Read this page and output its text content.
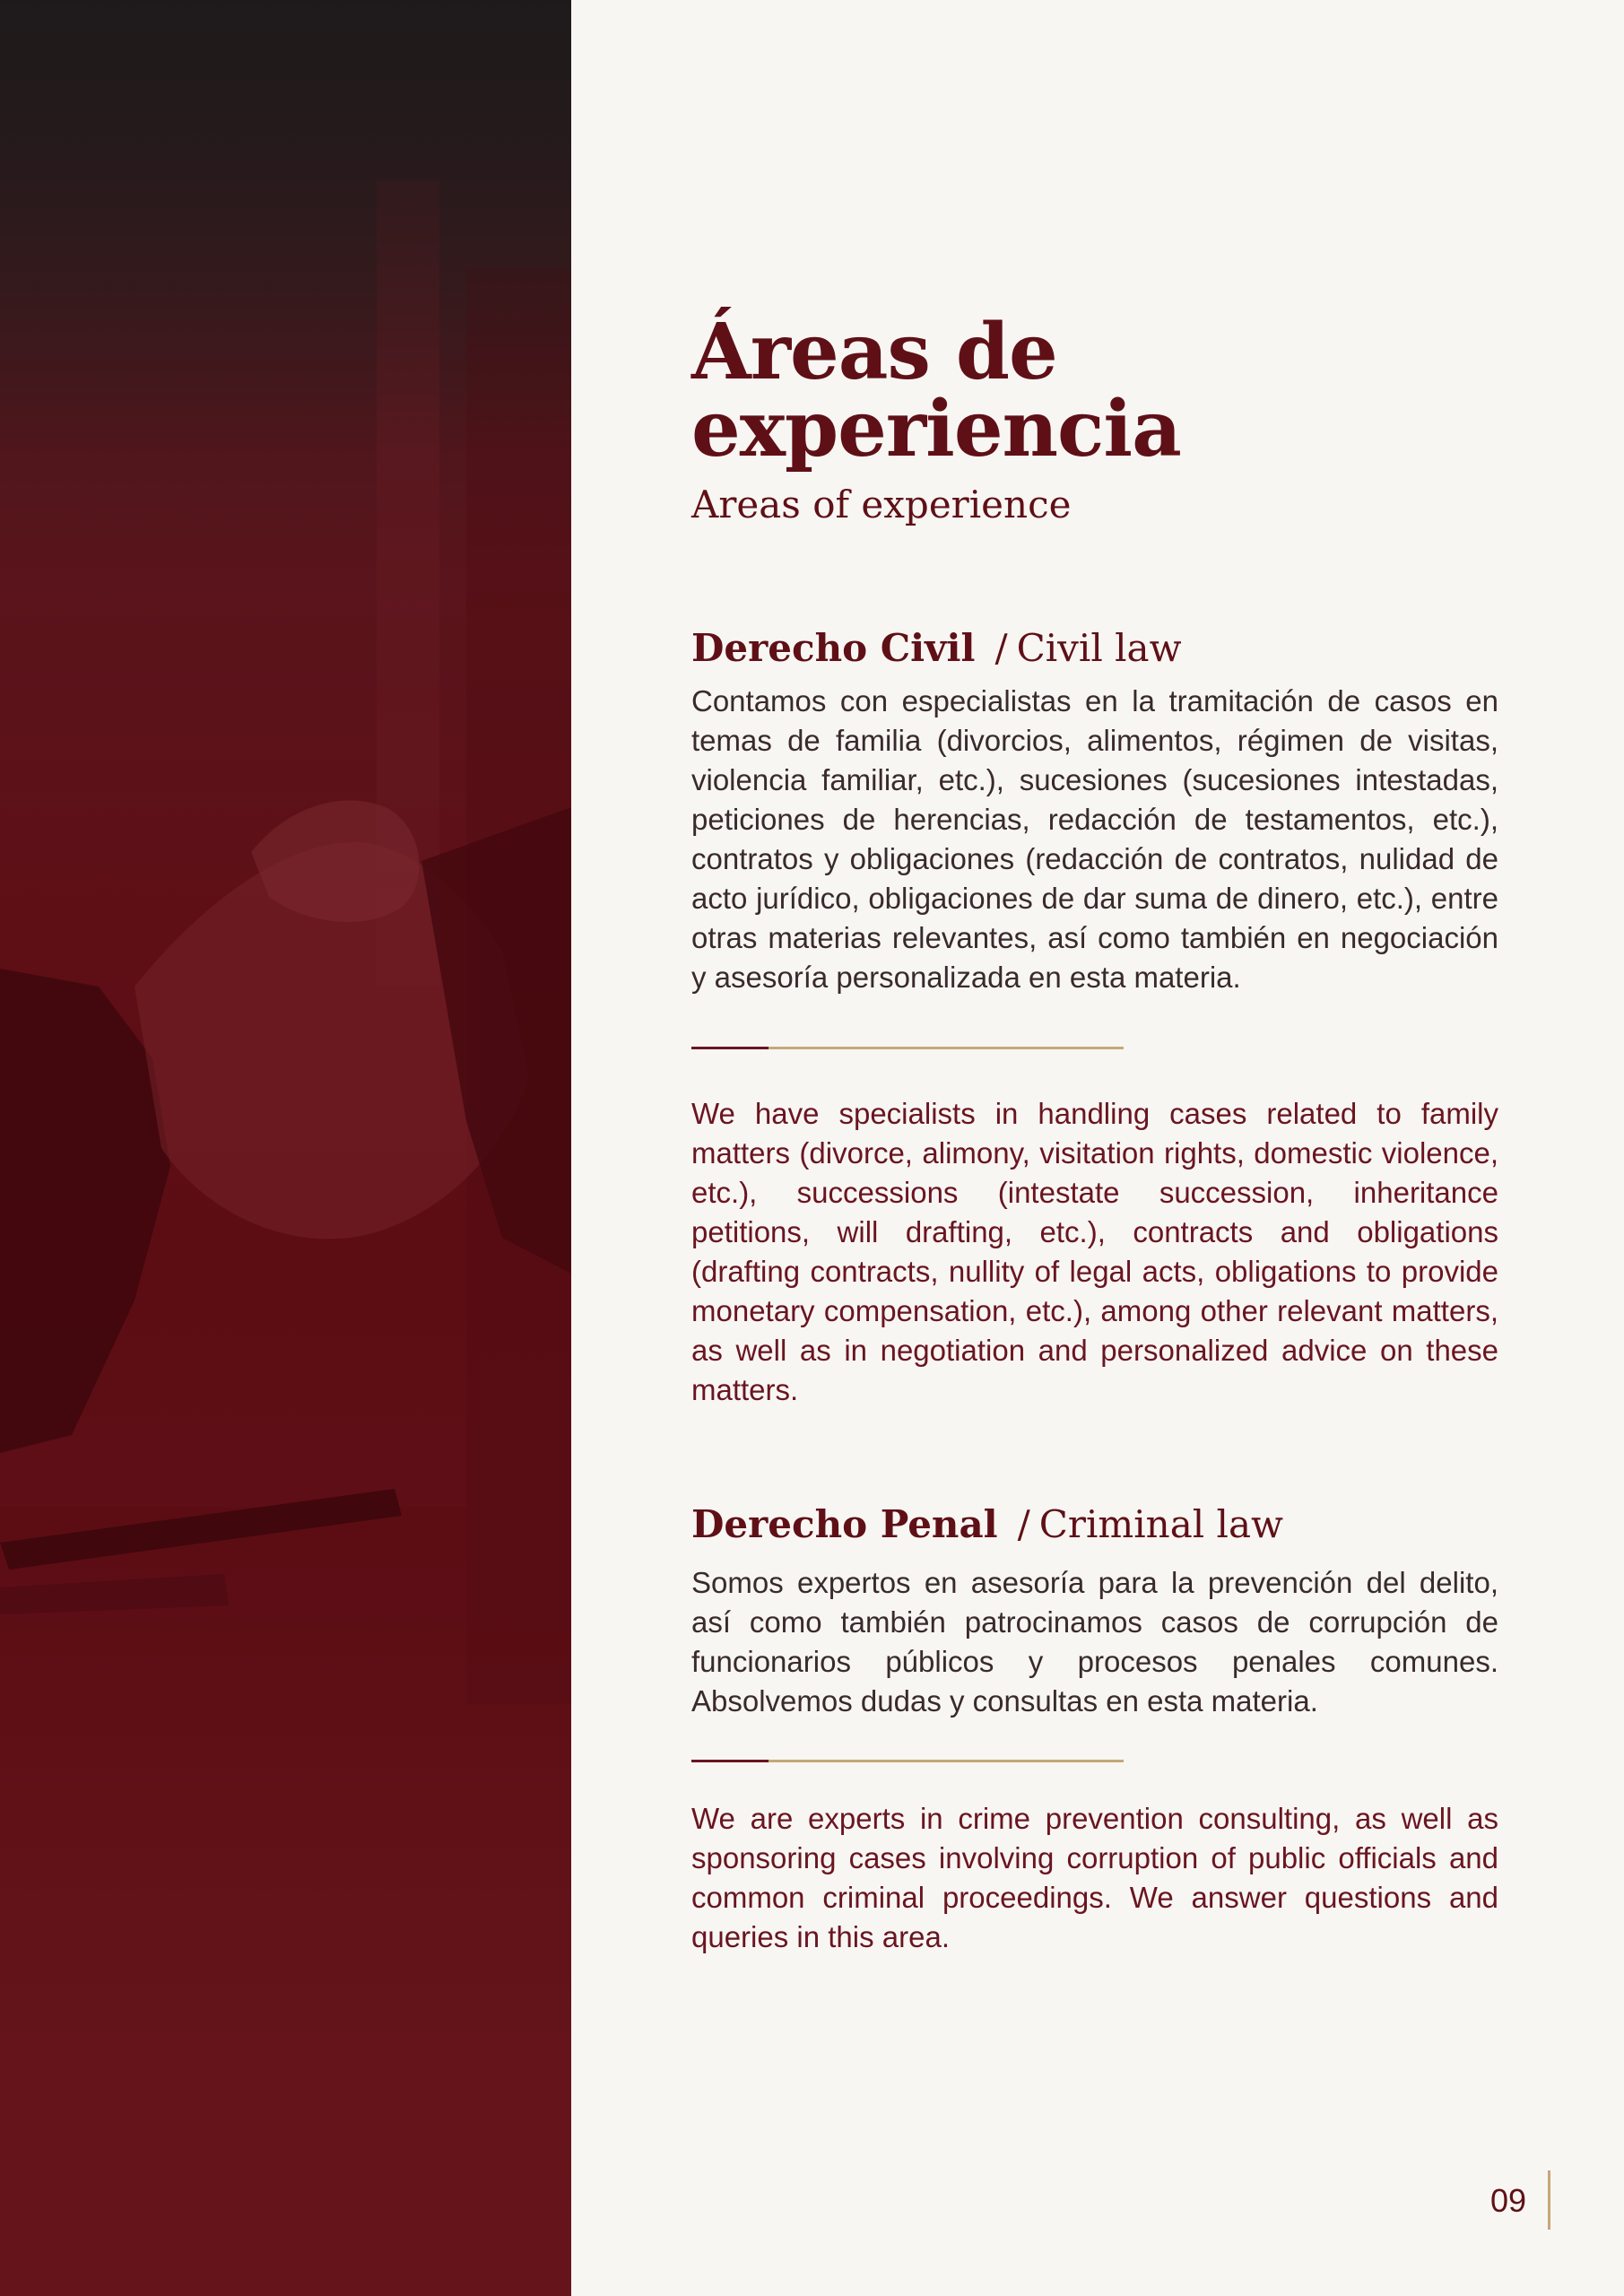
Áreas de
experiencia
Areas of experience
Derecho Civil / Civil law

Contamos con especialistas en la tramitación de casos en temas de familia (divorcios, alimentos, régimen de visitas, violencia familiar, etc.), sucesiones (sucesiones intestadas, peticiones de herencias, redacción de testamentos, etc.), contratos y obligaciones (redacción de contratos, nulidad de acto jurídico, obligaciones de dar suma de dinero, etc.), entre otras materias relevantes, así como también en negociación y asesoría personalizada en esta materia.

We have specialists in handling cases related to family matters (divorce, alimony, visitation rights, domestic violence, etc.), successions (intestate succession, inheritance petitions, will drafting, etc.), contracts and obligations (drafting contracts, nullity of legal acts, obligations to provide monetary compensation, etc.), among other relevant matters, as well as in negotiation and personalized advice on these matters.

Derecho Penal / Criminal law

Somos expertos en asesoría para la prevención del delito, así como también patrocinamos casos de corrupción de funcionarios públicos y procesos penales comunes. Absolvemos dudas y consultas en esta materia.

We are experts in crime prevention consulting, as well as sponsoring cases involving corruption of public officials and common criminal proceedings. We answer questions and queries in this area.

09
